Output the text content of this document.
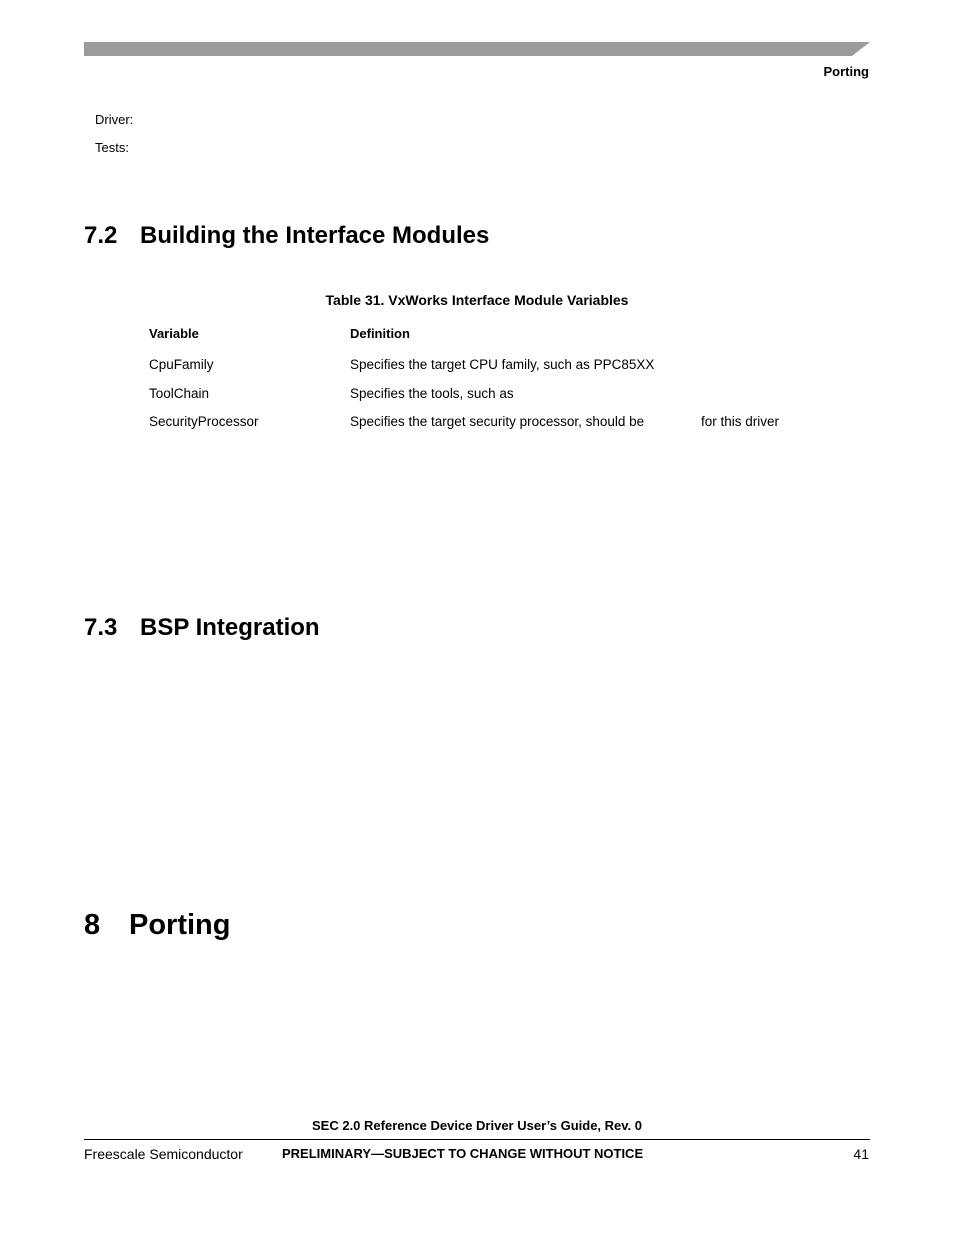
Porting
Driver:
Tests:
7.2 Building the Interface Modules
Table 31. VxWorks Interface Module Variables
Variable	Definition
CpuFamily	Specifies the target CPU family, such as PPC85XX
ToolChain	Specifies the tools, such as
SecurityProcessor	Specifies the target security processor, should be	for this driver
7.3 BSP Integration
8 Porting
SEC 2.0 Reference Device Driver User’s Guide, Rev. 0
Freescale Semiconductor	PRELIMINARY—SUBJECT TO CHANGE WITHOUT NOTICE	41
